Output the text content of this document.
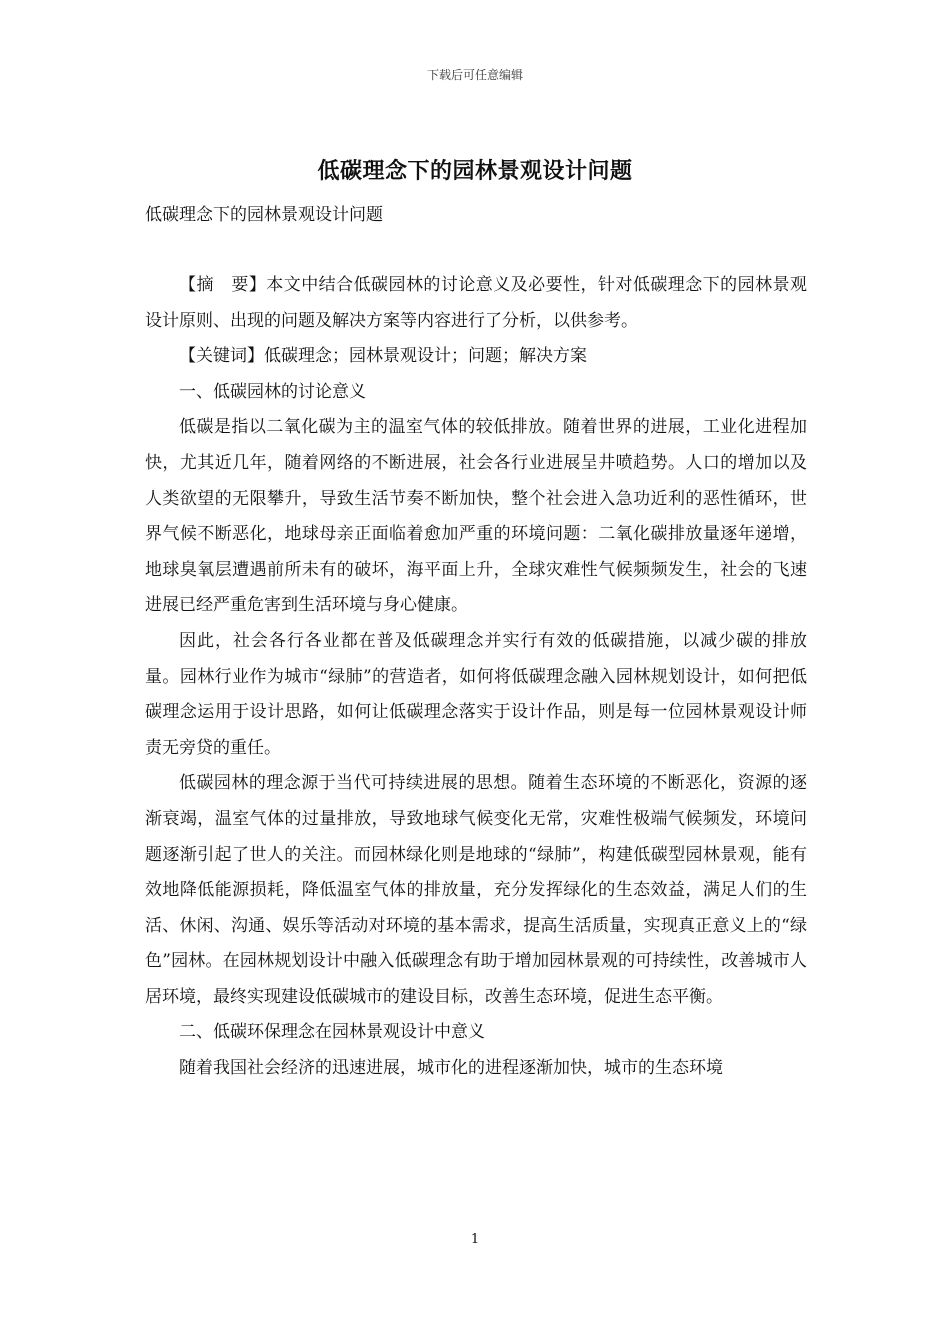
下载后可任意编辑
低碳理念下的园林景观设计问题
低碳理念下的园林景观设计问题

【摘　要】本文中结合低碳园林的讨论意义及必要性，针对低碳理念下的园林景观设计原则、出现的问题及解决方案等内容进行了分析，以供参考。

【关键词】低碳理念；园林景观设计；问题；解决方案

一、低碳园林的讨论意义

低碳是指以二氧化碳为主的温室气体的较低排放。随着世界的进展，工业化进程加快，尤其近几年，随着网络的不断进展，社会各行业进展呈井喷趋势。人口的增加以及人类欲望的无限攀升，导致生活节奏不断加快，整个社会进入急功近利的恶性循环，世界气候不断恶化，地球母亲正面临着愈加严重的环境问题：二氧化碳排放量逐年递增，地球臭氧层遭遇前所未有的破坏，海平面上升，全球灾难性气候频频发生，社会的飞速进展已经严重危害到生活环境与身心健康。

因此，社会各行各业都在普及低碳理念并实行有效的低碳措施，以减少碳的排放量。园林行业作为城市“绿肺”的营造者，如何将低碳理念融入园林规划设计，如何把低碳理念运用于设计思路，如何让低碳理念落实于设计作品，则是每一位园林景观设计师责无旁贷的重任。

低碳园林的理念源于当代可持续进展的思想。随着生态环境的不断恶化，资源的逐渐衰竭，温室气体的过量排放，导致地球气候变化无常，灾难性极端气候频发，环境问题逐渐引起了世人的关注。而园林绿化则是地球的“绿肺”，构建低碳型园林景观，能有效地降低能源损耗，降低温室气体的排放量，充分发挥绿化的生态效益，满足人们的生活、休闲、沟通、娱乐等活动对环境的基本需求，提高生活质量，实现真正意义上的“绿色”园林。在园林规划设计中融入低碳理念有助于增加园林景观的可持续性，改善城市人居环境，最终实现建设低碳城市的建设目标，改善生态环境，促进生态平衡。

二、低碳环保理念在园林景观设计中意义

随着我国社会经济的迅速进展，城市化的进程逐渐加快，城市的生态环境

1
